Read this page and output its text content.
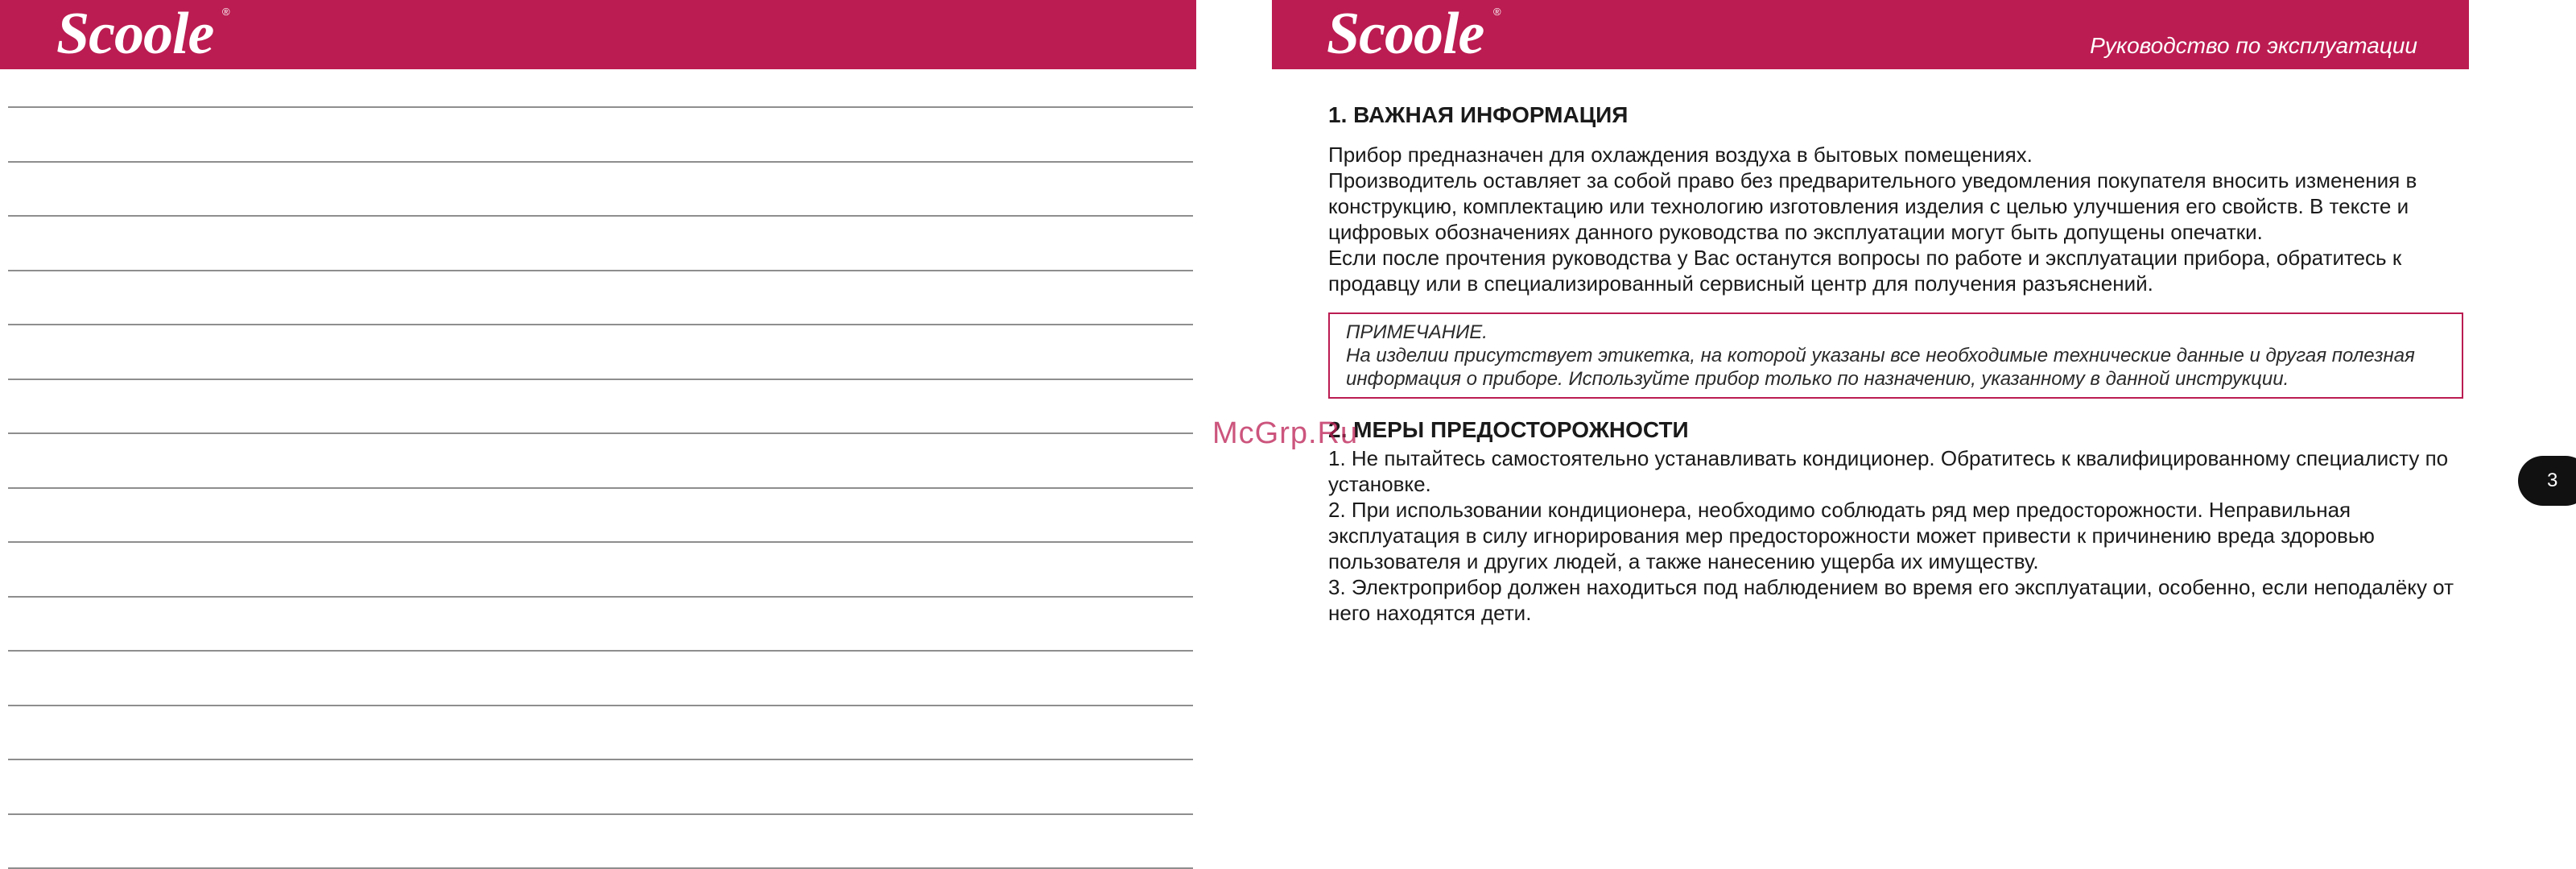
Scoole ®	Scoole ®
Руководство по эксплуатации
1. ВАЖНАЯ ИНФОРМАЦИЯ

Прибор предназначен для охлаждения воздуха в бытовых помещениях.

Производитель оставляет за собой право без предварительного уведомления покупателя вносить изменения в конструкцию, комплектацию или технологию изготовления изделия с целью улучшения его свойств. В тексте и цифровых обозначениях данного руководства по эксплуатации могут быть допущены опечатки.

Если после прочтения руководства у Вас останутся вопросы по работе и эксплуатации прибора, обратитесь к продавцу или в специализированный сервисный центр для получения разъяснений.

ПРИМЕЧАНИЕ.

На изделии присутствует этикетка, на которой указаны все необходимые технические данные и другая полезная информация о приборе. Используйте прибор только по назначению, указанному в данной инструкции.

2. МЕРЫ ПРЕДОСТОРОЖНОСТИ

1. Не пытайтесь самостоятельно устанавливать кондиционер. Обратитесь к квалифицированному специалисту по установке.

2. При использовании кондиционера, необходимо соблюдать ряд мер предосторожности. Неправильная эксплуатация в силу игнорирования мер предосторожности может привести к причинению вреда здоровью пользователя и других людей, а также нанесению ущерба их имуществу.

3. Электроприбор должен находиться под наблюдением во время его эксплуатации, особенно, если неподалёку от него находятся дети.

3
McGrp.Ru
